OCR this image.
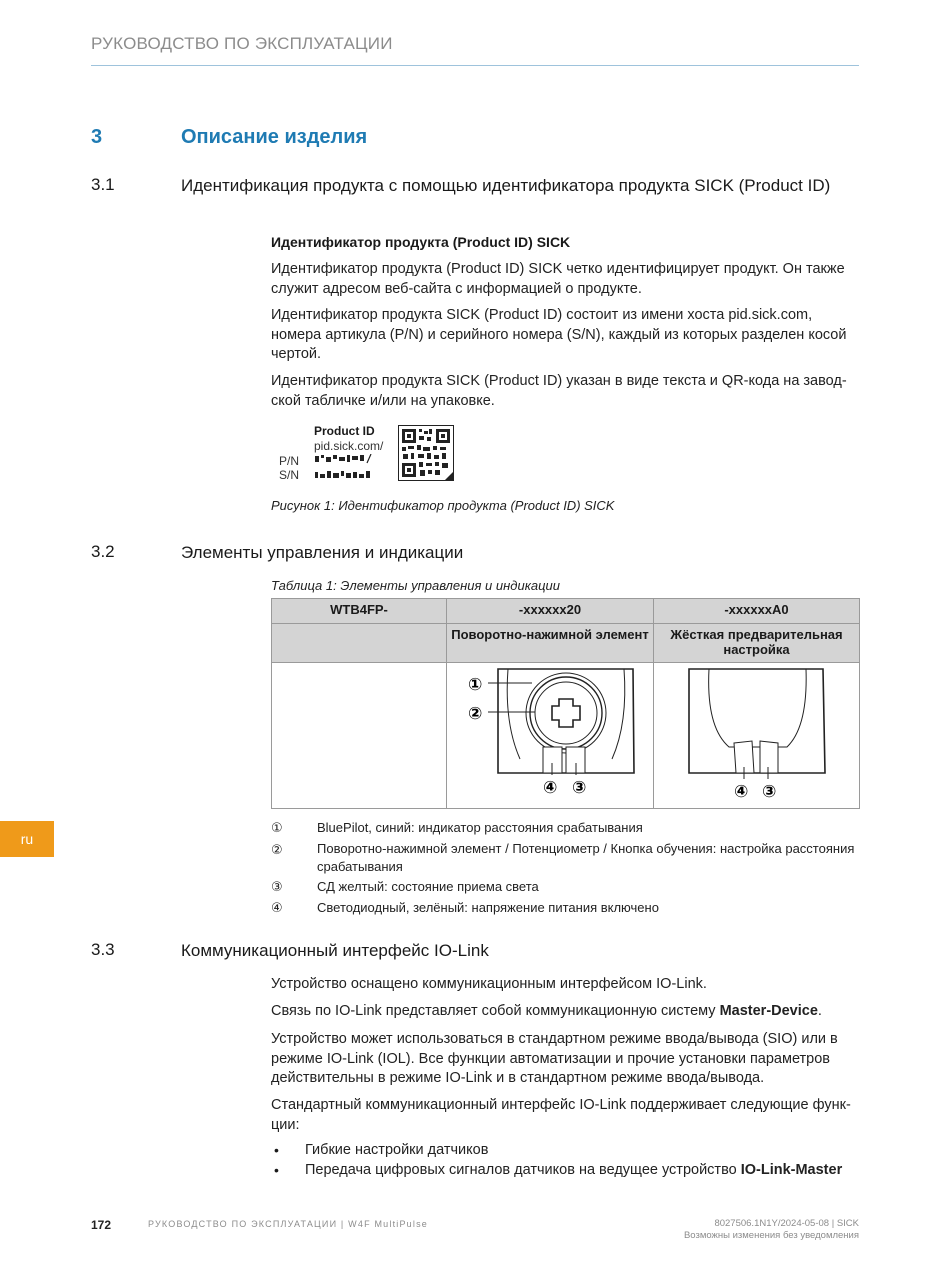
РУКОВОДСТВО ПО ЭКСПЛУАТАЦИИ
3	Описание изделия
3.1	Идентификация продукта с помощью идентификатора продукта SICK (Product ID)
Идентификатор продукта (Product ID) SICK
Идентификатор продукта (Product ID) SICK четко идентифицирует продукт. Он также служит адресом веб-сайта с информацией о продукте.
Идентификатор продукта SICK (Product ID) состоит из имени хоста pid.sick.com, номера артикула (P/N) и серийного номера (S/N), каждый из которых разделен косой чертой.
Идентификатор продукта SICK (Product ID) указан в виде текста и QR-кода на заводской табличке и/или на упаковке.
Product ID
pid.sick.com/
P/N
S/N
Рисунок 1: Идентификатор продукта (Product ID) SICK
3.2	Элементы управления и индикации
Таблица 1: Элементы управления и индикации
WTB4FP-	-xxxxxx20	-xxxxxxA0
	Поворотно-нажимной элемент	Жёсткая предварительная настройка

①
②
④ ③	④ ③
①	BluePilot, синий: индикатор расстояния срабатывания
②	Поворотно-нажимной элемент / Потенциометр / Кнопка обучения: настройка расстояния срабатывания
③	СД желтый: состояние приема света
④	Светодиодный, зелёный: напряжение питания включено
3.3	Коммуникационный интерфейс IO-Link
Устройство оснащено коммуникационным интерфейсом IO-Link.
Связь по IO-Link представляет собой коммуникационную систему Master-Device.
Устройство может использоваться в стандартном режиме ввода/вывода (SIO) или в режиме IO-Link (IOL). Все функции автоматизации и прочие установки параметров действительны в режиме IO-Link и в стандартном режиме ввода/вывода.
Стандартный коммуникационный интерфейс IO-Link поддерживает следующие функции:
• Гибкие настройки датчиков
• Передача цифровых сигналов датчиков на ведущее устройство IO-Link-Master
ru
172	РУКОВОДСТВО ПО ЭКСПЛУАТАЦИИ | W4F MultiPulse	8027506.1N1Y/2024-05-08 | SICK
Возможны изменения без уведомления
